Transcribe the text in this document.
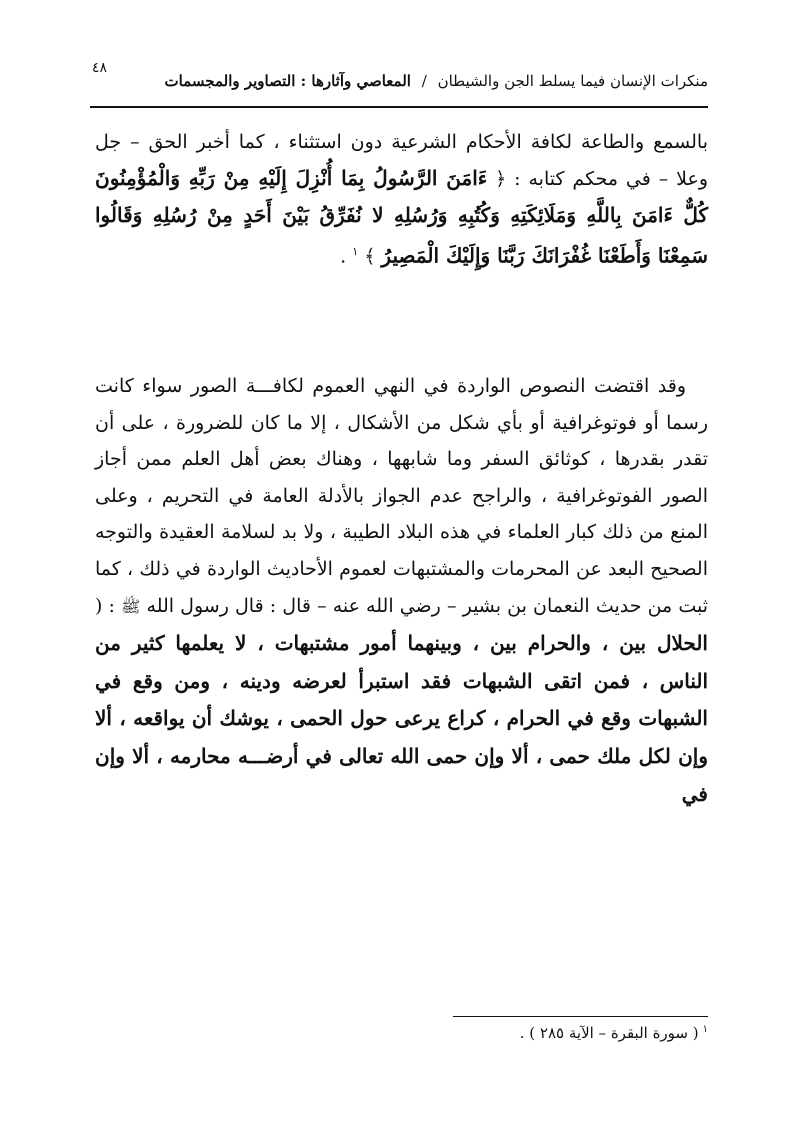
٤٨
منكرات الإنسان فيما يسلط الجن والشيطان / المعاصي وآثارها : التصاوير والمجسمات
بالسمع والطاعة لكافة الأحكام الشرعية دون استثناء ، كما أخبر الحق – جل وعلا – في محكم كتابه : ﴿ ءَامَنَ الرَّسُولُ بِمَا أُنْزِلَ إِلَيْهِ مِنْ رَبِّهِ وَالْمُؤْمِنُونَ كُلٌّ ءَامَنَ بِاللَّهِ وَمَلَائِكَتِهِ وَكُتُبِهِ وَرُسُلِهِ لا نُفَرِّقُ بَيْنَ أَحَدٍ مِنْ رُسُلِهِ وَقَالُوا سَمِعْنَا وَأَطَعْنَا غُفْرَانَكَ رَبَّنَا وَإِلَيْكَ الْمَصِيرُ ﴾ $^١$ .
وقد اقتضت النصوص الواردة في النهي العموم لكافـــة الصور سواء كانت رسما أو فوتوغرافية أو بأي شكل من الأشكال ، إلا ما كان للضرورة ، على أن تقدر بقدرها ، كوثائق السفر وما شابهها ، وهناك بعض أهل العلم ممن أجاز الصور الفوتوغرافية ، والراجح عدم الجواز بالأدلة العامة في التحريم ، وعلى المنع من ذلك كبار العلماء في هذه البلاد الطيبة ، ولا بد لسلامة العقيدة والتوجه الصحيح البعد عن المحرمات والمشتبهات لعموم الأحاديث الواردة في ذلك ، كما ثبت من حديث النعمان بن بشير – رضي الله عنه – قال : قال رسول الله ﷺ : ( الحلال بين ، والحرام بين ، وبينهما أمور مشتبهات ، لا يعلمها كثير من الناس ، فمن اتقى الشبهات فقد استبرأ لعرضه ودينه ، ومن وقع في الشبهات وقع في الحرام ، كراع يرعى حول الحمى ، يوشك أن يواقعه ، ألا وإن لكل ملك حمى ، ألا وإن حمى الله تعالى في أرضـــه محارمه ، ألا وإن في
$^١$( سورة البقرة – الآية ٢٨٥ ) .
